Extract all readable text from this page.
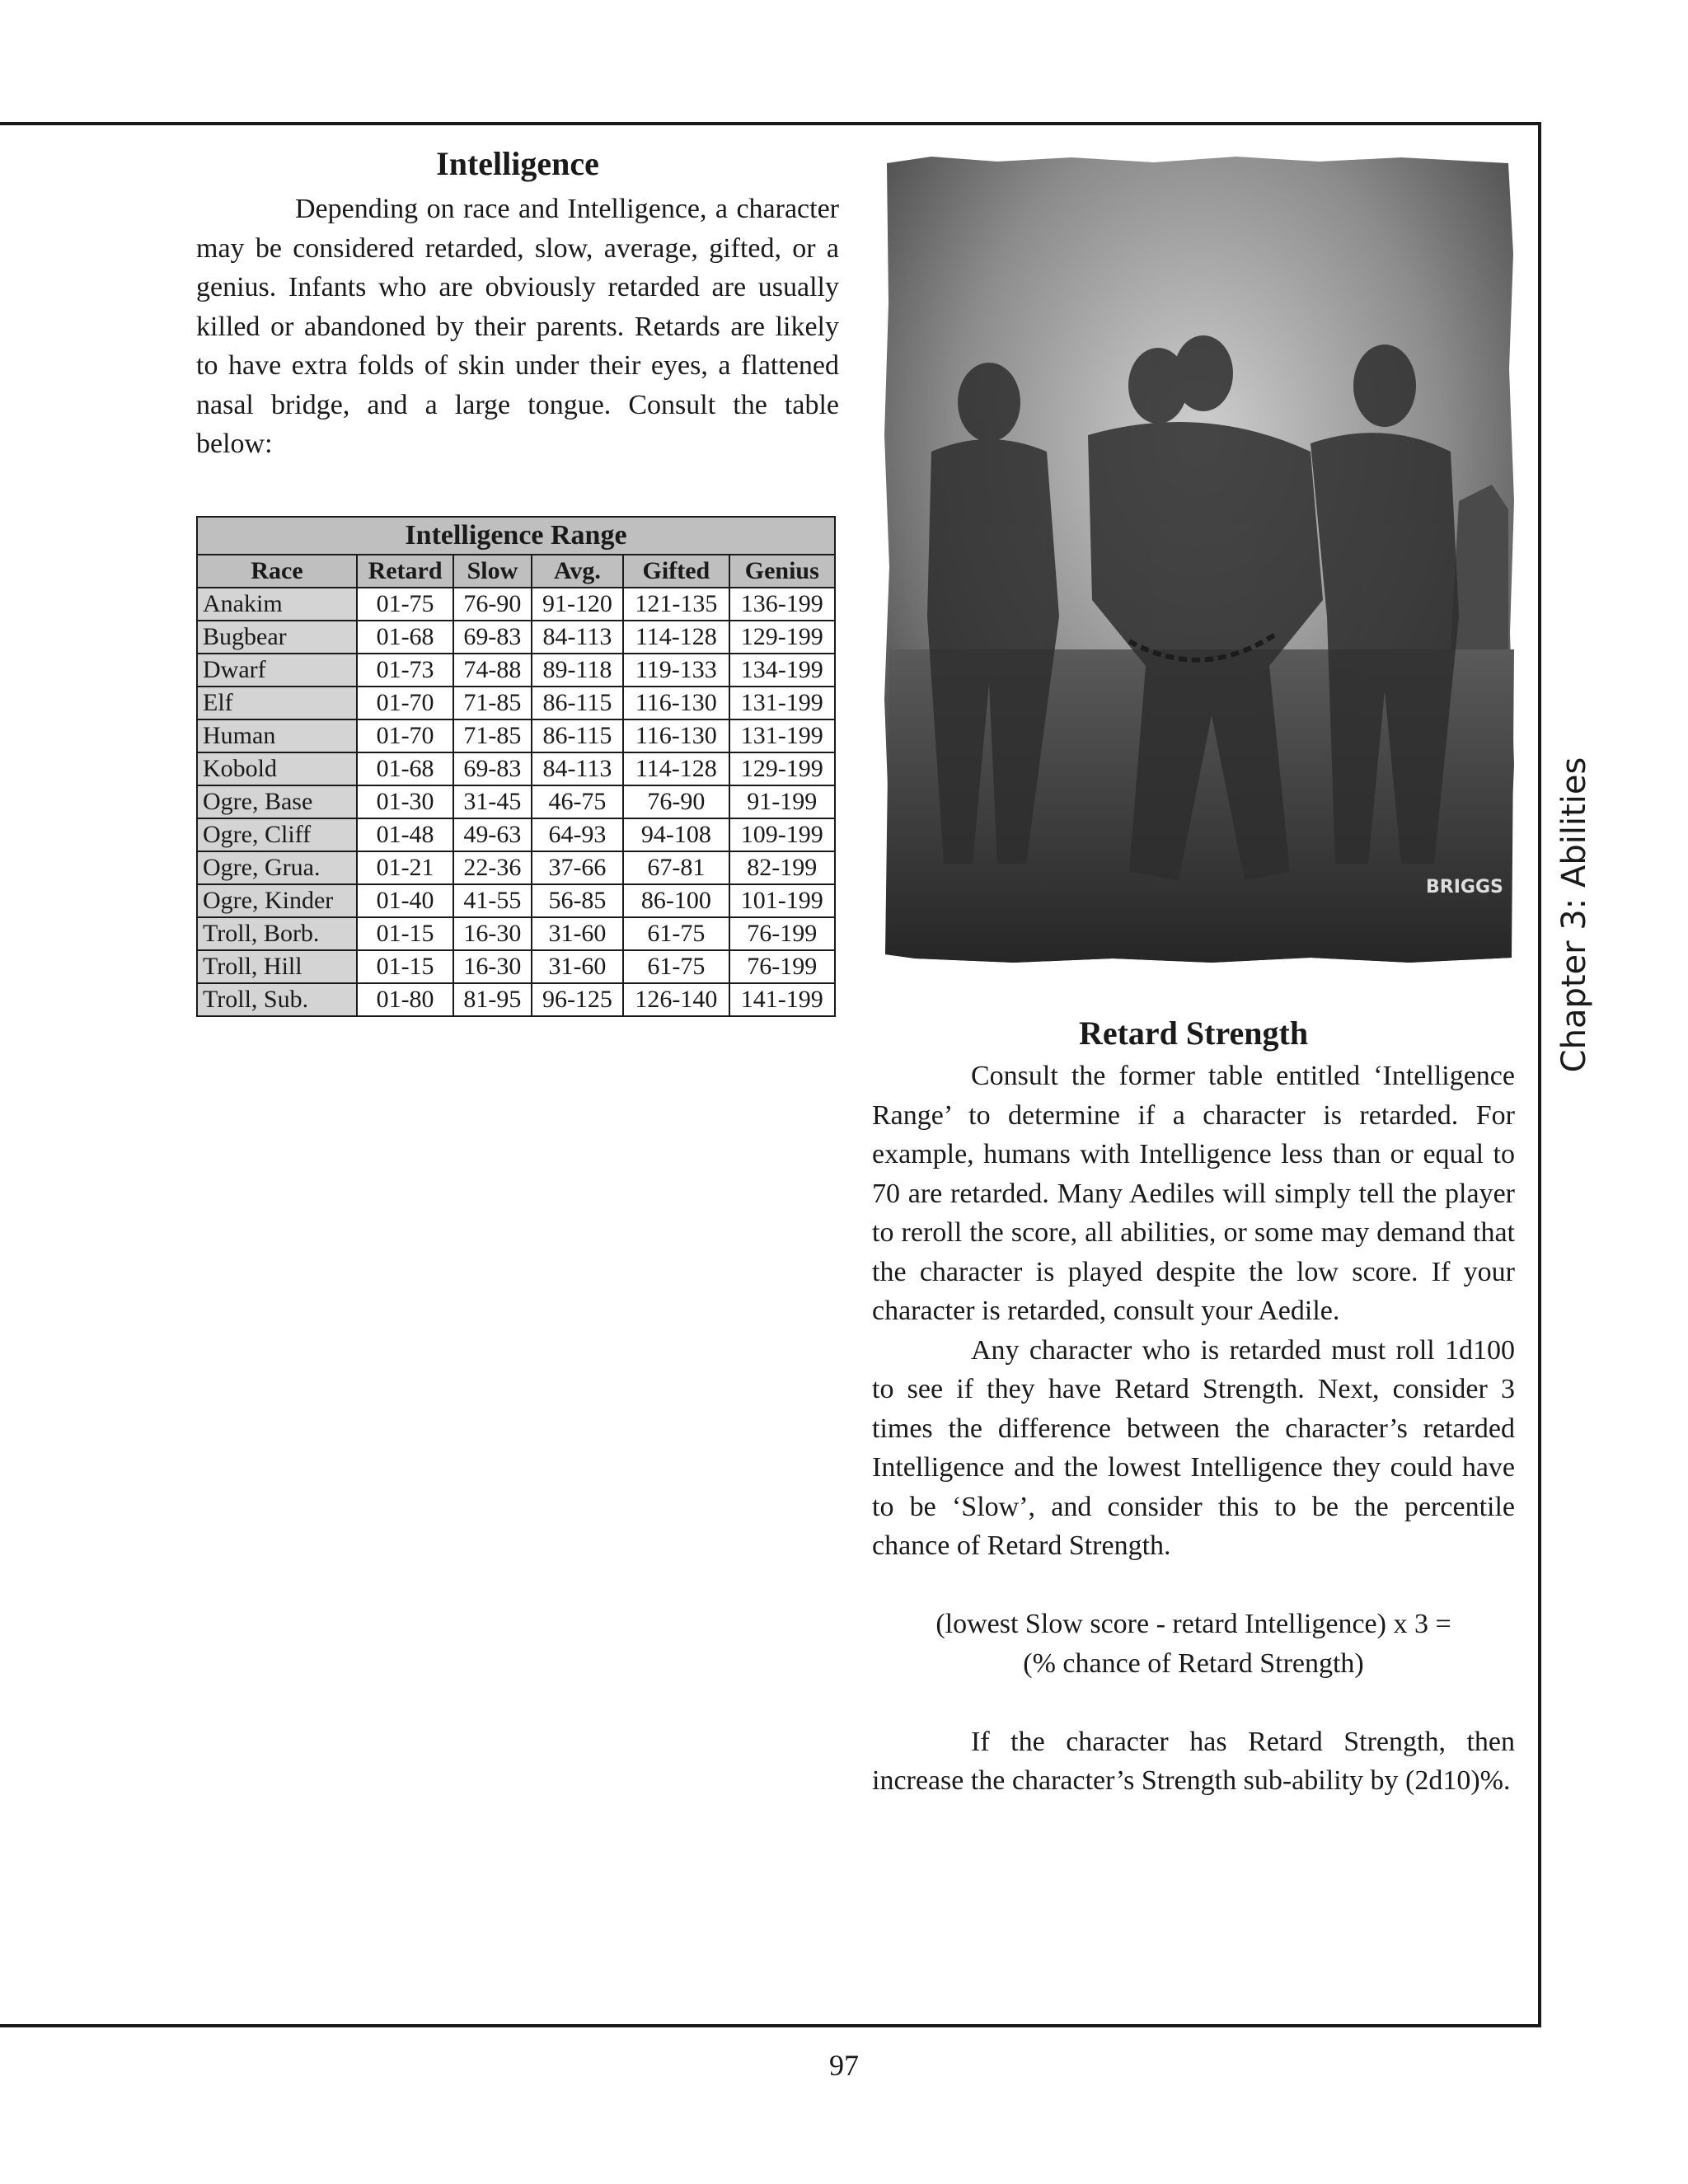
Intelligence

Depending on race and Intelligence, a character may be considered retarded, slow, average, gifted, or a genius. Infants who are obviously retarded are usually killed or abandoned by their parents. Retards are likely to have extra folds of skin under their eyes, a flattened nasal bridge, and a large tongue. Consult the table below:

Intelligence Range					
Race	Retard	Slow	Avg.	Gifted	Genius
Anakim	01-75	76-90	91-120	121-135	136-199
Bugbear	01-68	69-83	84-113	114-128	129-199
Dwarf	01-73	74-88	89-118	119-133	134-199
Elf	01-70	71-85	86-115	116-130	131-199
Human	01-70	71-85	86-115	116-130	131-199
Kobold	01-68	69-83	84-113	114-128	129-199
Ogre, Base	01-30	31-45	46-75	76-90	91-199
Ogre, Cliff	01-48	49-63	64-93	94-108	109-199
Ogre, Grua.	01-21	22-36	37-66	67-81	82-199
Ogre, Kinder	01-40	41-55	56-85	86-100	101-199
Troll, Borb.	01-15	16-30	31-60	61-75	76-199
Troll, Hill	01-15	16-30	31-60	61-75	76-199
Troll, Sub.	01-80	81-95	96-125	126-140	141-199
BRIGGS
Retard Strength

Consult the former table entitled ‘Intelligence Range’ to determine if a character is retarded. For example, humans with Intelligence less than or equal to 70 are retarded. Many Aediles will simply tell the player to reroll the score, all abilities, or some may demand that the character is played despite the low score. If your character is retarded, consult your Aedile.

Any character who is retarded must roll 1d100 to see if they have Retard Strength. Next, consider 3 times the difference between the character’s retarded Intelligence and the lowest Intelligence they could have to be ‘Slow’, and consider this to be the percentile chance of Retard Strength.

(lowest Slow score - retard Intelligence) x 3 =

(% chance of Retard Strength)

If the character has Retard Strength, then increase the character’s Strength sub-ability by (2d10)%.

Chapter 3: Abilities

97
